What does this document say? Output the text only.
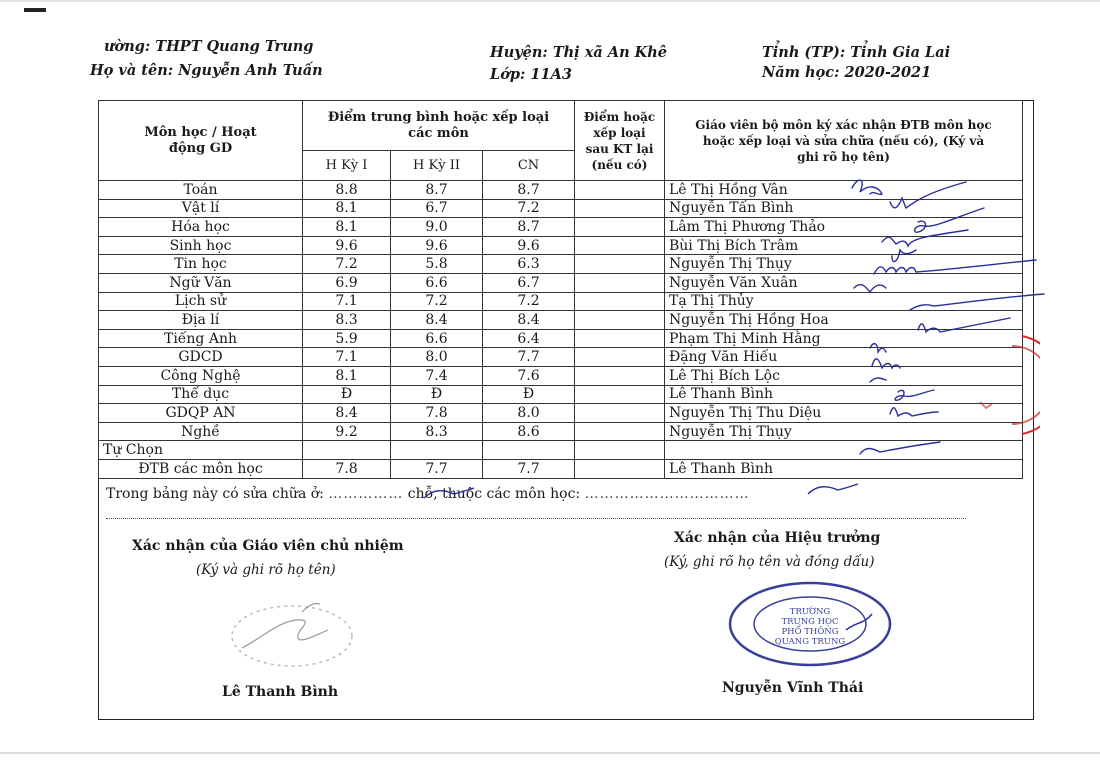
ường: THPT Quang Trung	Huyện: Thị xã An Khê	Tỉnh (TP): Tỉnh Gia Lai
Họ và tên: Nguyễn Anh Tuấn	Lớp: 11A3	Năm học: 2020-2021
Môn học / Hoạt động GD	Điểm trung bình hoặc xếp loại các môn			Điểm hoặc xếp loại sau KT lại (nếu có)	Giáo viên bộ môn ký xác nhận ĐTB môn học hoặc xếp loại và sửa chữa (nếu có), (Ký và ghi rõ họ tên)
	H Kỳ I	H Kỳ II	CN		
Toán	8.8	8.7	8.7		Lê Thị Hồng Vân
Vật lí	8.1	6.7	7.2		Nguyễn Tấn Bình
Hóa học	8.1	9.0	8.7		Lâm Thị Phương Thảo
Sinh học	9.6	9.6	9.6		Bùi Thị Bích Trâm
Tin học	7.2	5.8	6.3		Nguyễn Thị Thụy
Ngữ Văn	6.9	6.6	6.7		Nguyễn Văn Xuân
Lịch sử	7.1	7.2	7.2		Tạ Thị Thủy
Địa lí	8.3	8.4	8.4		Nguyễn Thị Hồng Hoa
Tiếng Anh	5.9	6.6	6.4		Phạm Thị Minh Hằng
GDCD	7.1	8.0	7.7		Đặng Văn Hiếu
Công Nghệ	8.1	7.4	7.6		Lê Thị Bích Lộc
Thể dục	Đ	Đ	Đ		Lê Thanh Bình
GDQP AN	8.4	7.8	8.0		Nguyễn Thị Thu Diệu
Nghề	9.2	8.3	8.6		Nguyễn Thị Thụy
Tự Chọn					
ĐTB các môn học	7.8	7.7	7.7		Lê Thanh Bình
Trong bảng này có sửa chữa ở: …………… chỗ, thuộc các môn học: ……………………………
Xác nhận của Giáo viên chủ nhiệm
(Ký và ghi rõ họ tên)
Xác nhận của Hiệu trưởng
(Ký, ghi rõ họ tên và đóng dấu)
TRƯỜNG
TRUNG HỌC
PHỔ THÔNG
QUANG TRUNG
Lê Thanh Bình	Nguyễn Vĩnh Thái
